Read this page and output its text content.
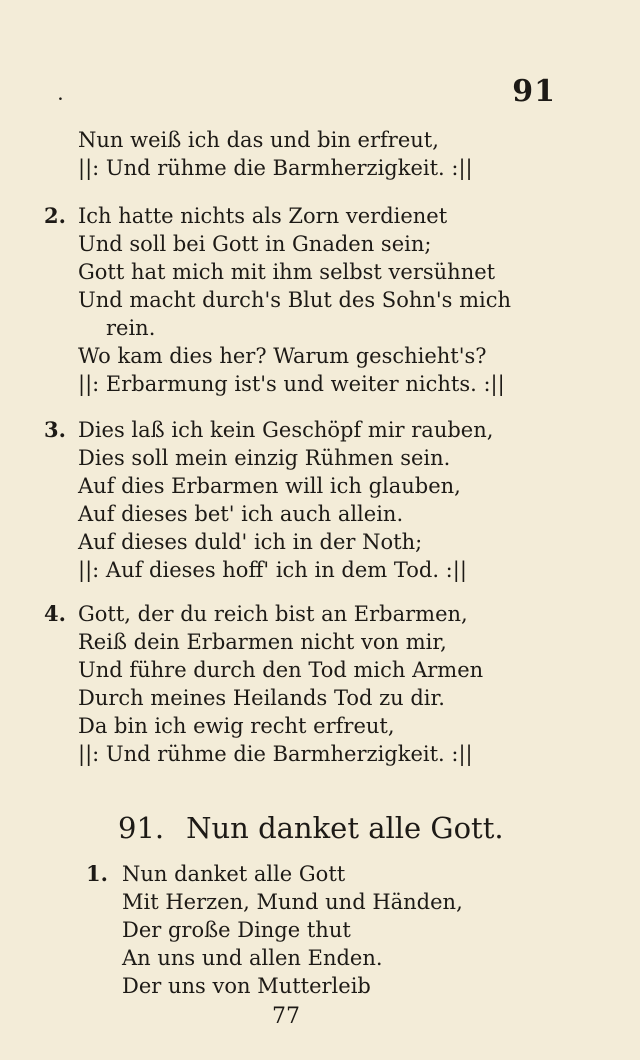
.	91
Nun weiß ich das und bin erfreut,
||: Und rühme die Barmherzigkeit. :||
2. Ich hatte nichts als Zorn verdienet
Und soll bei Gott in Gnaden sein;
Gott hat mich mit ihm selbst versühnet
Und macht durch's Blut des Sohn's mich
rein.
Wo kam dies her? Warum geschieht's?
||: Erbarmung ist's und weiter nichts. :||
3. Dies laß ich kein Geschöpf mir rauben,
Dies soll mein einzig Rühmen sein.
Auf dies Erbarmen will ich glauben,
Auf dieses bet' ich auch allein.
Auf dieses duld' ich in der Noth;
||: Auf dieses hoff' ich in dem Tod. :||
4. Gott, der du reich bist an Erbarmen,
Reiß dein Erbarmen nicht von mir,
Und führe durch den Tod mich Armen
Durch meines Heilands Tod zu dir.
Da bin ich ewig recht erfreut,
||: Und rühme die Barmherzigkeit. :||
91. Nun danket alle Gott.
1. Nun danket alle Gott
Mit Herzen, Mund und Händen,
Der große Dinge thut
An uns und allen Enden.
Der uns von Mutterleib
77
